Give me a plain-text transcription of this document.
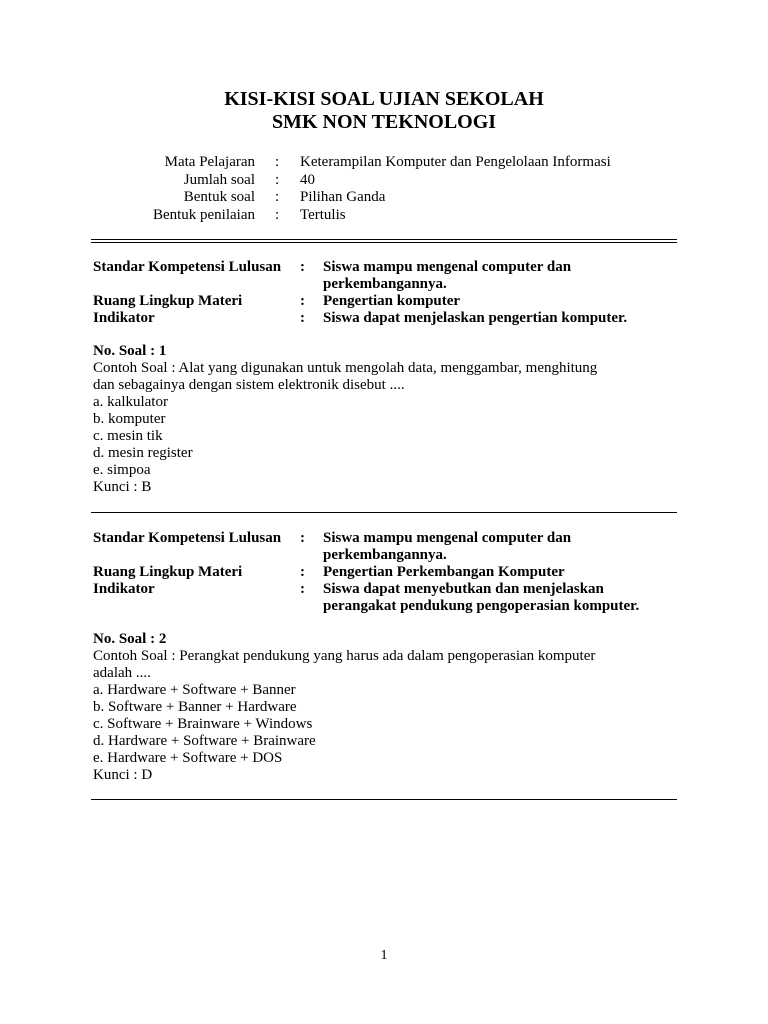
KISI-KISI SOAL UJIAN SEKOLAH
SMK NON TEKNOLOGI
Mata Pelajaran : Keterampilan Komputer dan Pengelolaan Informasi
Jumlah soal : 40
Bentuk soal : Pilihan Ganda
Bentuk penilaian : Tertulis
Standar Kompetensi Lulusan : Siswa mampu mengenal computer dan perkembangannya.
Ruang Lingkup Materi	: Pengertian komputer
Indikator	: Siswa dapat menjelaskan pengertian komputer.
No. Soal : 1
Contoh Soal : Alat yang digunakan untuk mengolah data, menggambar, menghitung
dan sebagainya dengan sistem elektronik disebut ....
a. kalkulator
b. komputer
c. mesin tik
d. mesin register
e. simpoa
Kunci : B
Standar Kompetensi Lulusan : Siswa mampu mengenal computer dan perkembangannya.
Ruang Lingkup Materi	: Pengertian Perkembangan Komputer
Indikator	: Siswa dapat menyebutkan dan menjelaskan perangakat pendukung pengoperasian komputer.
No. Soal : 2
Contoh Soal : Perangkat pendukung yang harus ada dalam pengoperasian komputer
adalah ....
a. Hardware + Software + Banner
b. Software + Banner + Hardware
c. Software + Brainware + Windows
d. Hardware + Software + Brainware
e. Hardware + Software + DOS
Kunci : D
1
